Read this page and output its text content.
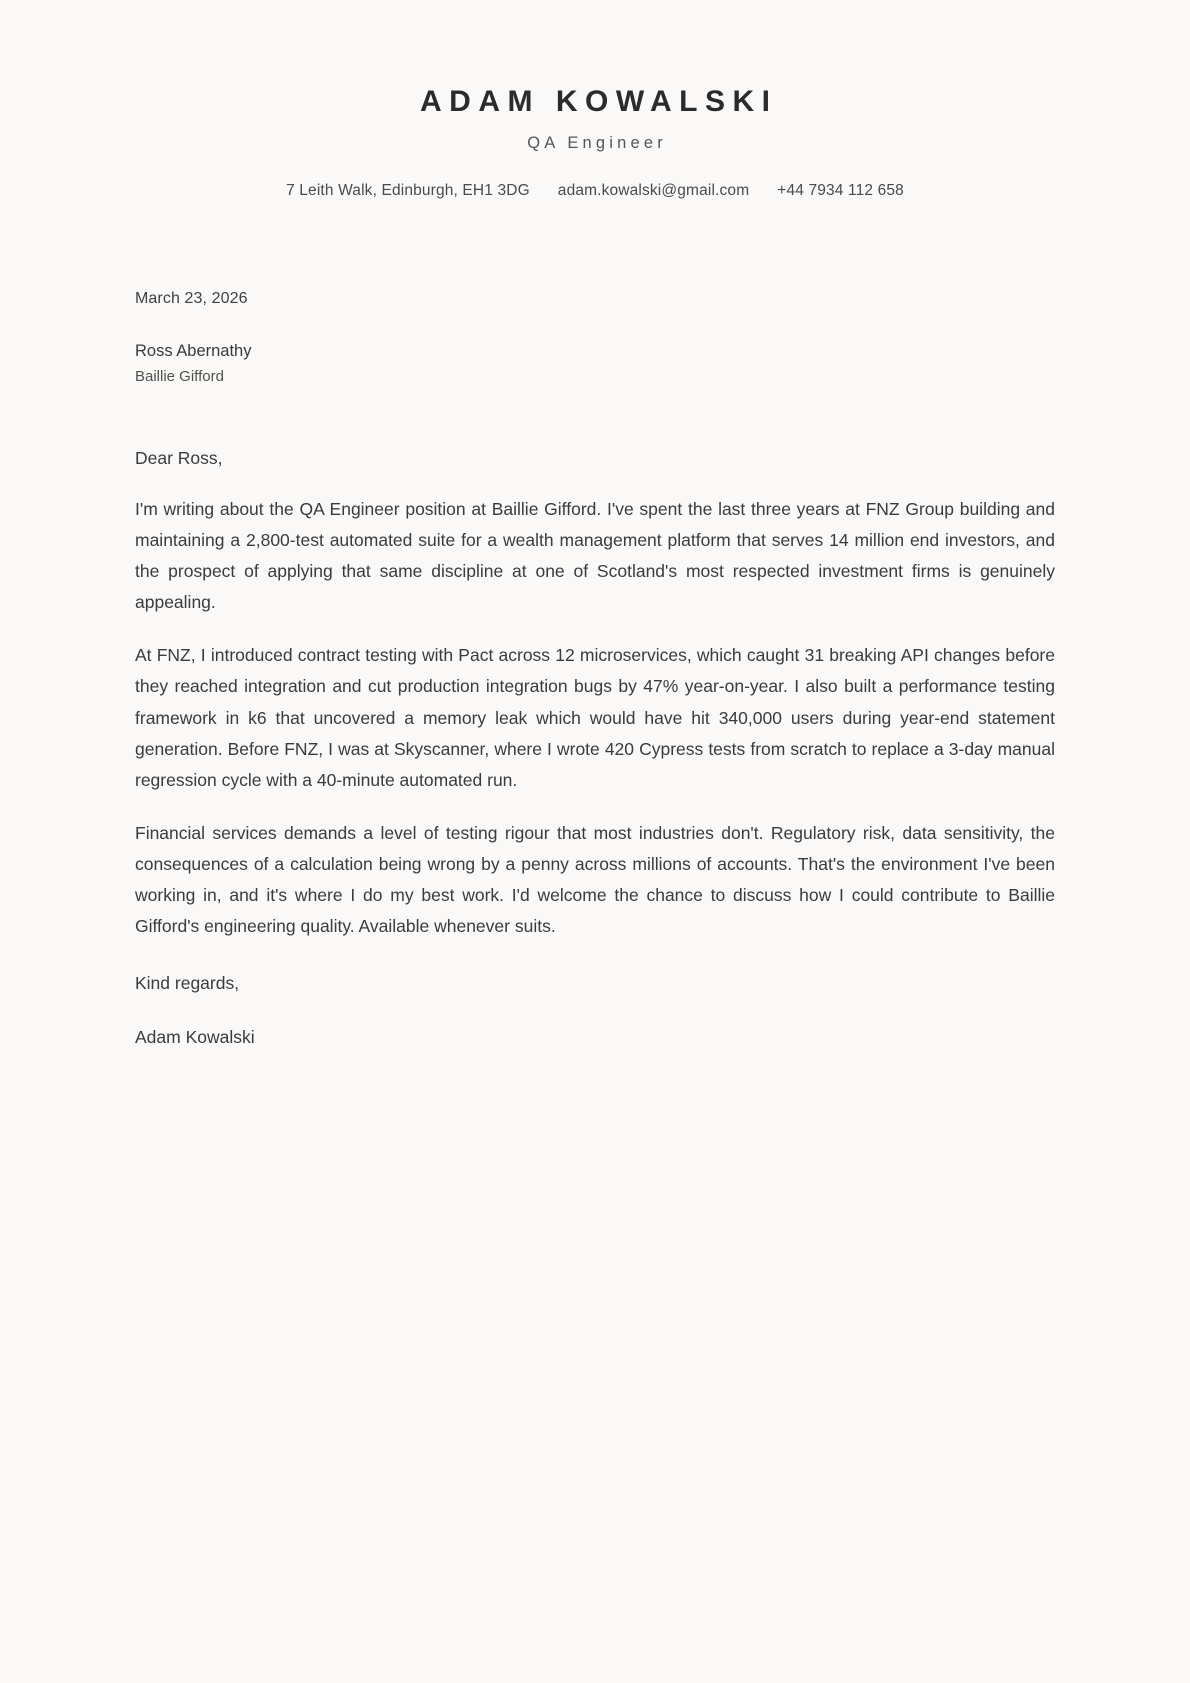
ADAM KOWALSKI
QA Engineer
7 Leith Walk, Edinburgh, EH1 3DG adam.kowalski@gmail.com +44 7934 112 658

March 23, 2026

Ross Abernathy

Baillie Gifford

Dear Ross,

I'm writing about the QA Engineer position at Baillie Gifford. I've spent the last three years at FNZ Group building and maintaining a 2,800-test automated suite for a wealth management platform that serves 14 million end investors, and the prospect of applying that same discipline at one of Scotland's most respected investment firms is genuinely appealing.

At FNZ, I introduced contract testing with Pact across 12 microservices, which caught 31 breaking API changes before they reached integration and cut production integration bugs by 47% year-on-year. I also built a performance testing framework in k6 that uncovered a memory leak which would have hit 340,000 users during year-end statement generation. Before FNZ, I was at Skyscanner, where I wrote 420 Cypress tests from scratch to replace a 3-day manual regression cycle with a 40-minute automated run.

Financial services demands a level of testing rigour that most industries don't. Regulatory risk, data sensitivity, the consequences of a calculation being wrong by a penny across millions of accounts. That's the environment I've been working in, and it's where I do my best work. I'd welcome the chance to discuss how I could contribute to Baillie Gifford's engineering quality. Available whenever suits.

Kind regards,

Adam Kowalski
